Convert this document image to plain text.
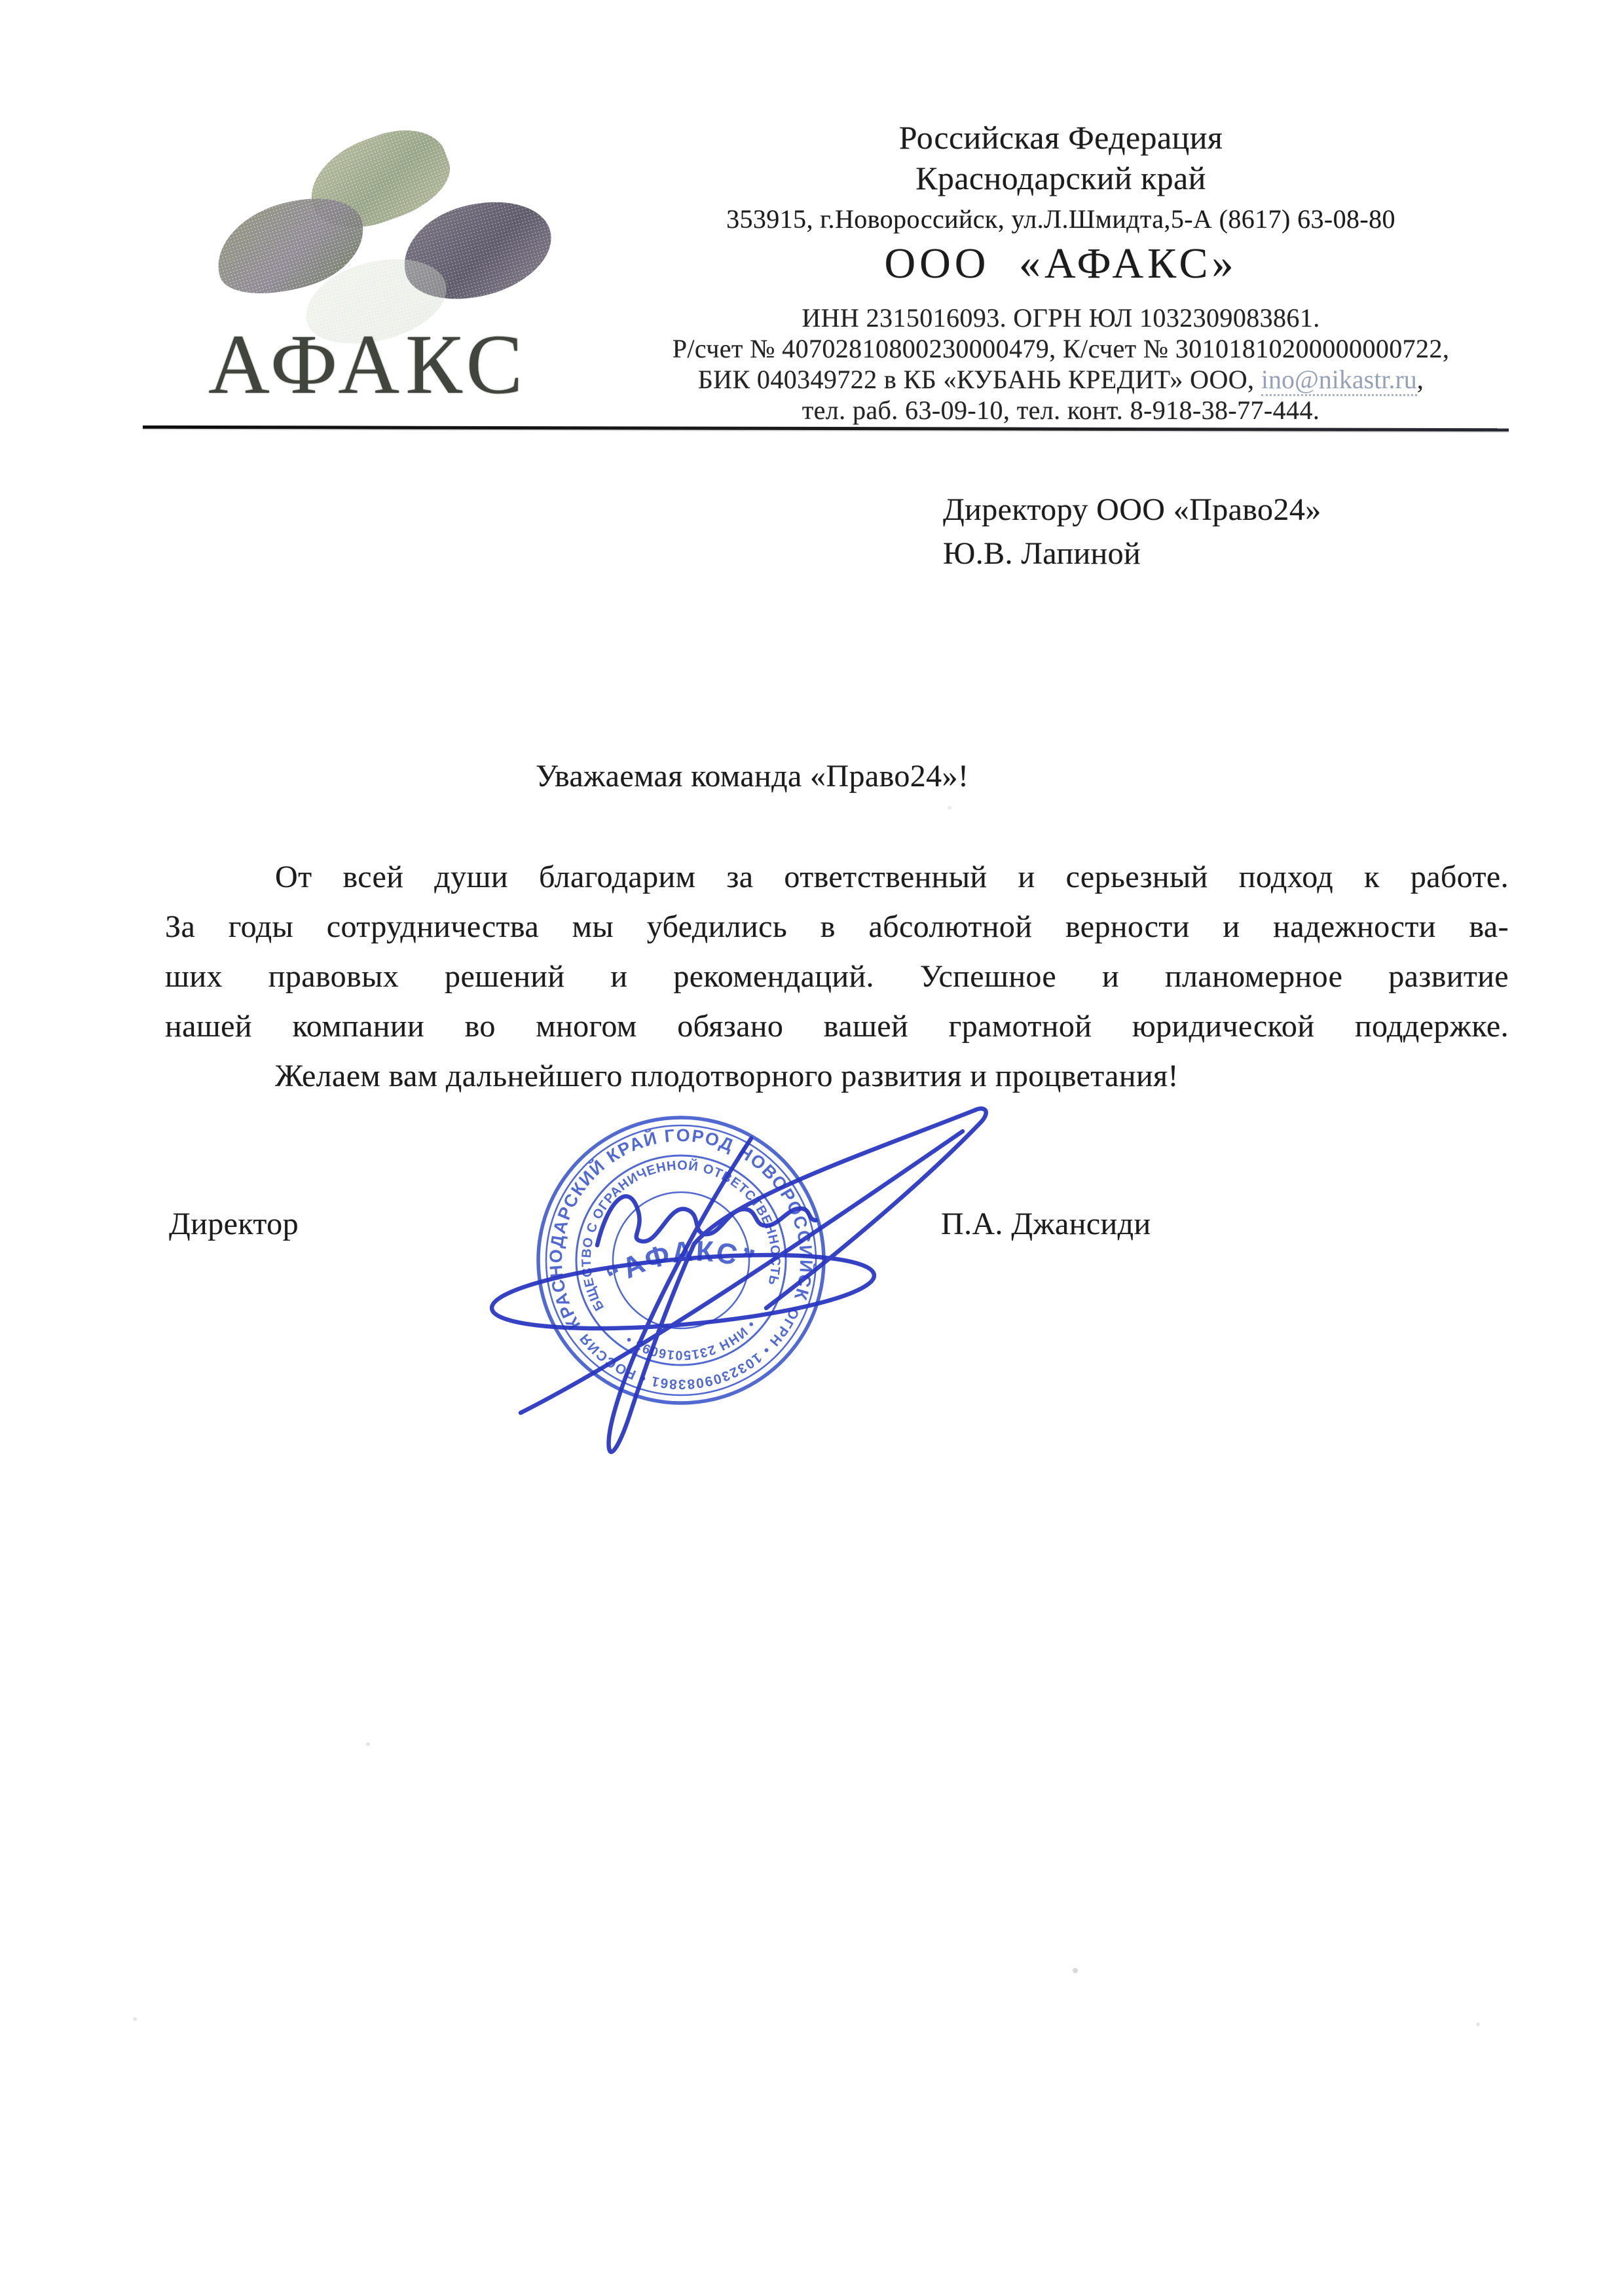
АФАКС
Российская Федерация
Краснодарский край
353915, г.Новороссийск, ул.Л.Шмидта,5-А (8617) 63-08-80
ООО «АФАКС»
ИНН 2315016093. ОГРН ЮЛ 1032309083861.
Р/счет № 40702810800230000479, К/счет № 30101810200000000722,
БИК 040349722 в КБ «КУБАНЬ КРЕДИТ» ООО, ino@nikastr.ru,
тел. раб. 63-09-10, тел. конт. 8-918-38-77-444.
Директору ООО «Право24»
Ю.В. Лапиной
Уважаемая команда «Право24»!
От всей души благодарим за ответственный и серьезный подход к работе.
За годы сотрудничества мы убедились в абсолютной верности и надежности ва-
ших правовых решений и рекомендаций. Успешное и планомерное развитие
нашей компании во многом обязано вашей грамотной юридической поддержке.
Желаем вам дальнейшего плодотворного развития и процветания!
Директор	П.А. Джансиди
КРАСНОДАРСКИЙ КРАЙ ГОРОД НОВОРОССИЙСК
ОГРН • 1032309083861 • РОССИЯ
ОБЩЕСТВО С ОГРАНИЧЕННОЙ ОТВЕТСТВЕННОСТЬЮ
• ИНН 2315016093 •
“АФАКС”
